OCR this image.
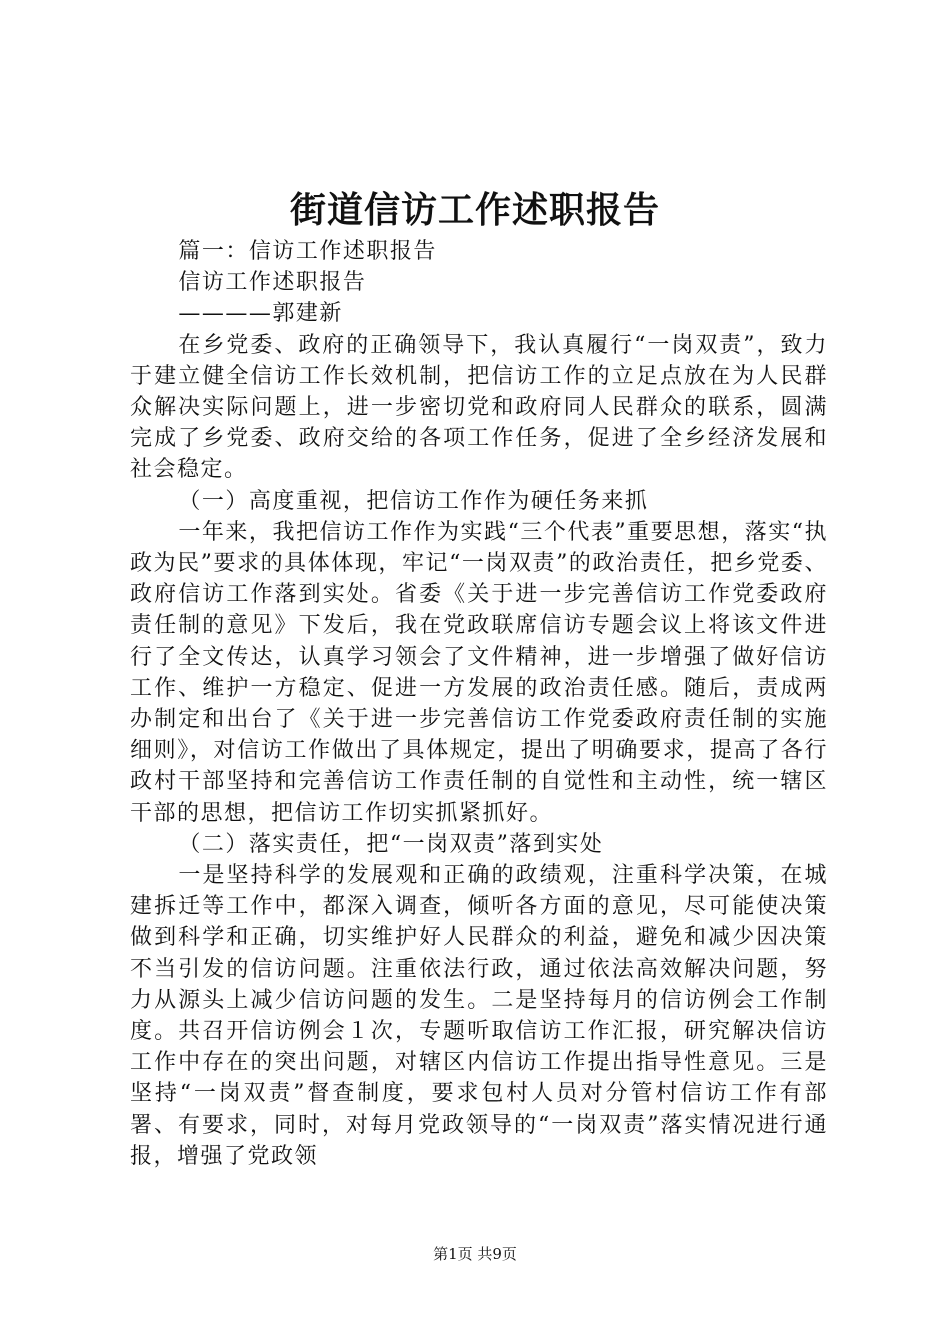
街道信访工作述职报告

篇一：信访工作述职报告

信访工作述职报告

————郭建新

在乡党委、政府的正确领导下，我认真履行“一岗双责”，致力于建立健全信访工作长效机制，把信访工作的立足点放在为人民群众解决实际问题上，进一步密切党和政府同人民群众的联系，圆满完成了乡党委、政府交给的各项工作任务，促进了全乡经济发展和社会稳定。

（一）高度重视，把信访工作作为硬任务来抓

一年来，我把信访工作作为实践“三个代表”重要思想，落实“执政为民”要求的具体体现，牢记“一岗双责”的政治责任，把乡党委、政府信访工作落到实处。省委《关于进一步完善信访工作党委政府责任制的意见》下发后，我在党政联席信访专题会议上将该文件进行了全文传达，认真学习领会了文件精神，进一步增强了做好信访工作、维护一方稳定、促进一方发展的政治责任感。随后，责成两办制定和出台了《关于进一步完善信访工作党委政府责任制的实施细则》，对信访工作做出了具体规定，提出了明确要求，提高了各行政村干部坚持和完善信访工作责任制的自觉性和主动性，统一辖区干部的思想，把信访工作切实抓紧抓好。

（二）落实责任，把“一岗双责”落到实处

一是坚持科学的发展观和正确的政绩观，注重科学决策，在城建拆迁等工作中，都深入调查，倾听各方面的意见，尽可能使决策做到科学和正确，切实维护好人民群众的利益，避免和减少因决策不当引发的信访问题。注重依法行政，通过依法高效解决问题，努力从源头上减少信访问题的发生。二是坚持每月的信访例会工作制度。共召开信访例会１次，专题听取信访工作汇报，研究解决信访工作中存在的突出问题，对辖区内信访工作提出指导性意见。三是坚持“一岗双责”督查制度，要求包村人员对分管村信访工作有部署、有要求，同时，对每月党政领导的“一岗双责”落实情况进行通报，增强了党政领

第1页 共9页
